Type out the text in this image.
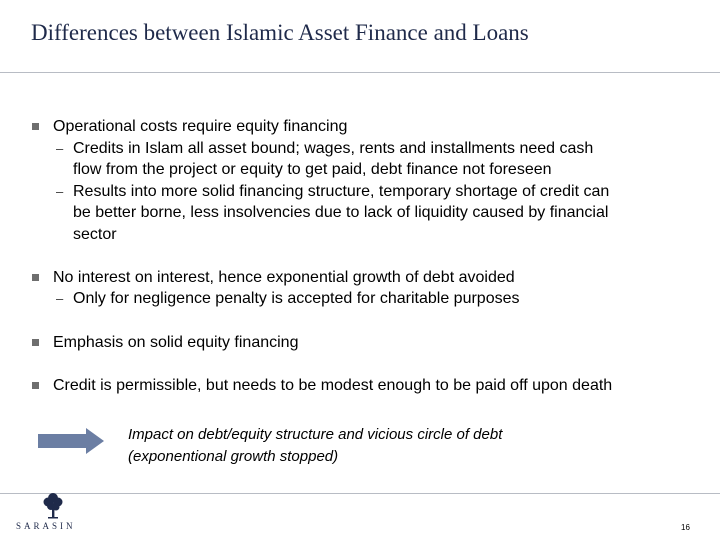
Differences between Islamic Asset Finance and Loans
Operational costs require equity financing
– Credits in Islam all asset bound; wages, rents and installments need cash
flow from the project or equity to get paid, debt finance not foreseen
– Results into more solid financing structure, temporary shortage of credit can
be better borne, less insolvencies due to lack of liquidity caused by financial
sector
No interest on interest, hence exponential growth of debt avoided
– Only for negligence penalty is accepted for charitable purposes
Emphasis on solid equity financing
Credit is permissible, but needs to be modest enough to be paid off upon death
Impact on debt/equity structure and vicious circle of debt
(exponentional growth stopped)
SARASIN	16
